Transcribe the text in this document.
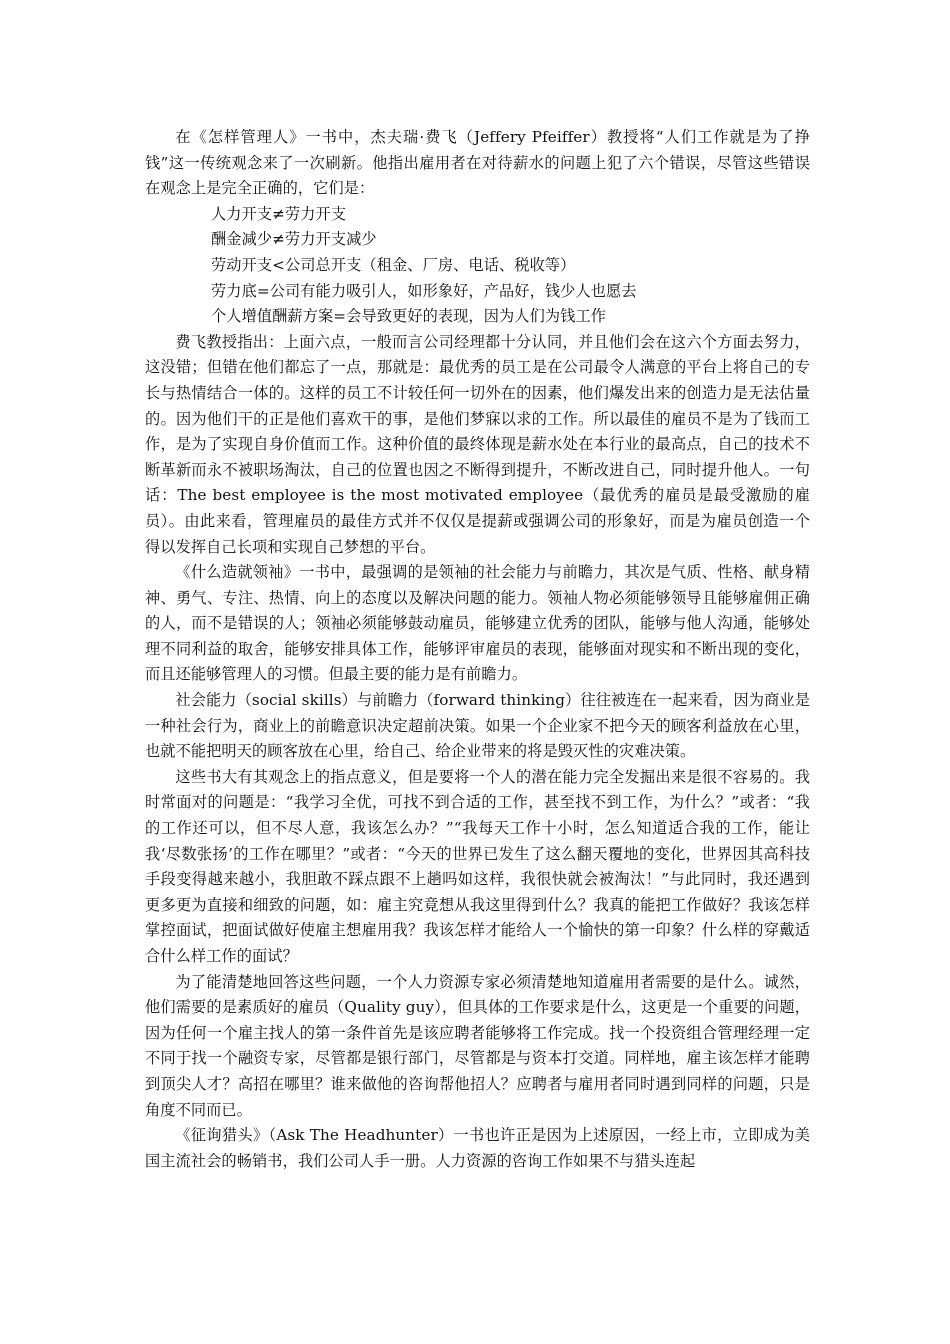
在《怎样管理人》一书中，杰夫瑞·费飞（Jeffery Pfeiffer）教授将“人们工作就是为了挣钱”这一传统观念来了一次刷新。他指出雇用者在对待薪水的问题上犯了六个错误，尽管这些错误在观念上是完全正确的，它们是：

人力开支≠劳力开支

酬金减少≠劳力开支减少

劳动开支<公司总开支（租金、厂房、电话、税收等）

劳力底=公司有能力吸引人，如形象好，产品好，钱少人也愿去

个人增值酬薪方案=会导致更好的表现，因为人们为钱工作

费飞教授指出：上面六点，一般而言公司经理都十分认同，并且他们会在这六个方面去努力，这没错；但错在他们都忘了一点，那就是：最优秀的员工是在公司最令人满意的平台上将自己的专长与热情结合一体的。这样的员工不计较任何一切外在的因素，他们爆发出来的创造力是无法估量的。因为他们干的正是他们喜欢干的事，是他们梦寐以求的工作。所以最佳的雇员不是为了钱而工作，是为了实现自身价值而工作。这种价值的最终体现是薪水处在本行业的最高点，自己的技术不断革新而永不被职场淘汰，自己的位置也因之不断得到提升，不断改进自己，同时提升他人。一句话：The best employee is the most motivated employee（最优秀的雇员是最受激励的雇员）。由此来看，管理雇员的最佳方式并不仅仅是提薪或强调公司的形象好，而是为雇员创造一个得以发挥自己长项和实现自己梦想的平台。

《什么造就领袖》一书中，最强调的是领袖的社会能力与前瞻力，其次是气质、性格、献身精神、勇气、专注、热情、向上的态度以及解决问题的能力。领袖人物必须能够领导且能够雇佣正确的人，而不是错误的人；领袖必须能够鼓动雇员，能够建立优秀的团队，能够与他人沟通，能够处理不同利益的取舍，能够安排具体工作，能够评审雇员的表现，能够面对现实和不断出现的变化，而且还能够管理人的习惯。但最主要的能力是有前瞻力。

社会能力（social skills）与前瞻力（forward thinking）往往被连在一起来看，因为商业是一种社会行为，商业上的前瞻意识决定超前决策。如果一个企业家不把今天的顾客利益放在心里，也就不能把明天的顾客放在心里，给自己、给企业带来的将是毁灭性的灾难决策。

这些书大有其观念上的指点意义，但是要将一个人的潜在能力完全发掘出来是很不容易的。我时常面对的问题是：“我学习全优，可找不到合适的工作，甚至找不到工作，为什么？”或者：“我的工作还可以，但不尽人意，我该怎么办？”“我每天工作十小时，怎么知道适合我的工作，能让我‘尽数张扬’的工作在哪里？”或者：“今天的世界已发生了这么翻天覆地的变化，世界因其高科技手段变得越来越小，我胆敢不踩点跟不上趟吗如这样，我很快就会被淘汰！”与此同时，我还遇到更多更为直接和细致的问题，如：雇主究竟想从我这里得到什么？我真的能把工作做好？我该怎样掌控面试，把面试做好使雇主想雇用我？我该怎样才能给人一个愉快的第一印象？什么样的穿戴适合什么样工作的面试？

为了能清楚地回答这些问题，一个人力资源专家必须清楚地知道雇用者需要的是什么。诚然，他们需要的是素质好的雇员（Quality guy），但具体的工作要求是什么，这更是一个重要的问题，因为任何一个雇主找人的第一条件首先是该应聘者能够将工作完成。找一个投资组合管理经理一定不同于找一个融资专家，尽管都是银行部门，尽管都是与资本打交道。同样地，雇主该怎样才能聘到顶尖人才？高招在哪里？谁来做他的咨询帮他招人？应聘者与雇用者同时遇到同样的问题，只是角度不同而已。

《征询猎头》（Ask The Headhunter）一书也许正是因为上述原因，一经上市，立即成为美国主流社会的畅销书，我们公司人手一册。人力资源的咨询工作如果不与猎头连起
